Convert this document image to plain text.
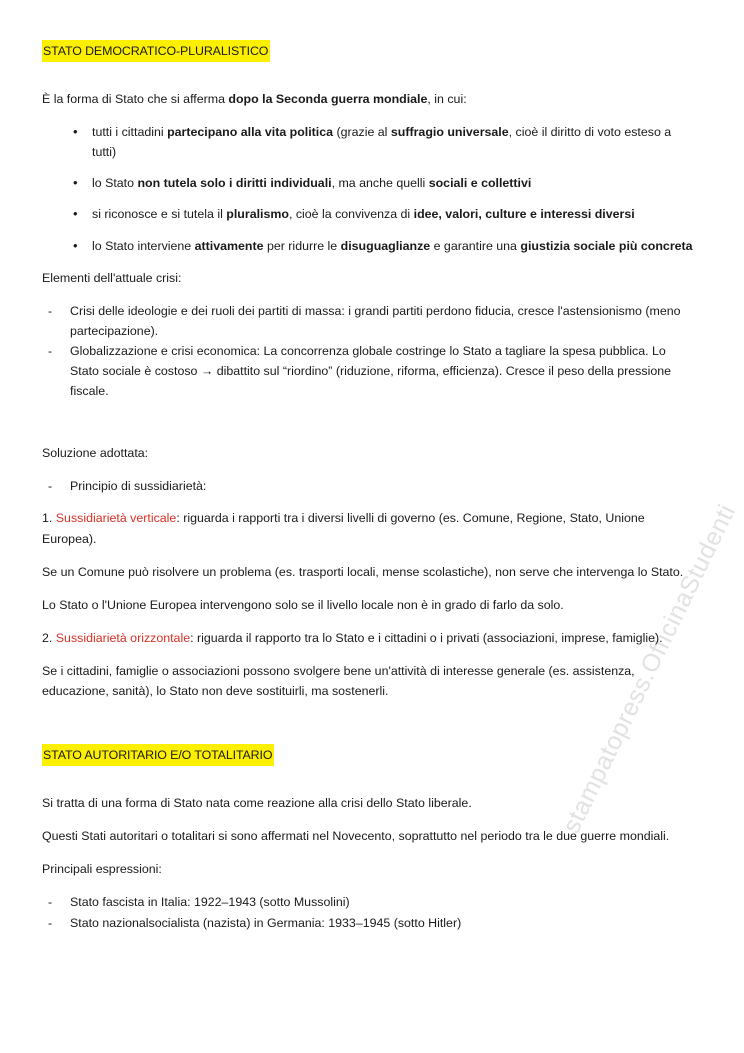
stampatopress.OfficinaStudenti
STATO DEMOCRATICO-PLURALISTICO

È la forma di Stato che si afferma dopo la Seconda guerra mondiale, in cui:

• tutti i cittadini partecipano alla vita politica (grazie al suffragio universale, cioè il diritto di voto esteso a tutti)
• lo Stato non tutela solo i diritti individuali, ma anche quelli sociali e collettivi
• si riconosce e si tutela il pluralismo, cioè la convivenza di idee, valori, culture e interessi diversi
• lo Stato interviene attivamente per ridurre le disuguaglianze e garantire una giustizia sociale più concreta

Elementi dell'attuale crisi:

- Crisi delle ideologie e dei ruoli dei partiti di massa: i grandi partiti perdono fiducia, cresce l'astensionismo (meno partecipazione).
- Globalizzazione e crisi economica: La concorrenza globale costringe lo Stato a tagliare la spesa pubblica. Lo Stato sociale è costoso → dibattito sul “riordino” (riduzione, riforma, efficienza). Cresce il peso della pressione fiscale.

Soluzione adottata:

- Principio di sussidiarietà:

1. Sussidiarietà verticale: riguarda i rapporti tra i diversi livelli di governo (es. Comune, Regione, Stato, Unione Europea).

Se un Comune può risolvere un problema (es. trasporti locali, mense scolastiche), non serve che intervenga lo Stato.

Lo Stato o l'Unione Europea intervengono solo se il livello locale non è in grado di farlo da solo.

2. Sussidiarietà orizzontale: riguarda il rapporto tra lo Stato e i cittadini o i privati (associazioni, imprese, famiglie).

Se i cittadini, famiglie o associazioni possono svolgere bene un'attività di interesse generale (es. assistenza, educazione, sanità), lo Stato non deve sostituirli, ma sostenerli.

STATO AUTORITARIO E/O TOTALITARIO

Si tratta di una forma di Stato nata come reazione alla crisi dello Stato liberale.

Questi Stati autoritari o totalitari si sono affermati nel Novecento, soprattutto nel periodo tra le due guerre mondiali.

Principali espressioni:

- Stato fascista in Italia: 1922–1943 (sotto Mussolini)
- Stato nazionalsocialista (nazista) in Germania: 1933–1945 (sotto Hitler)
